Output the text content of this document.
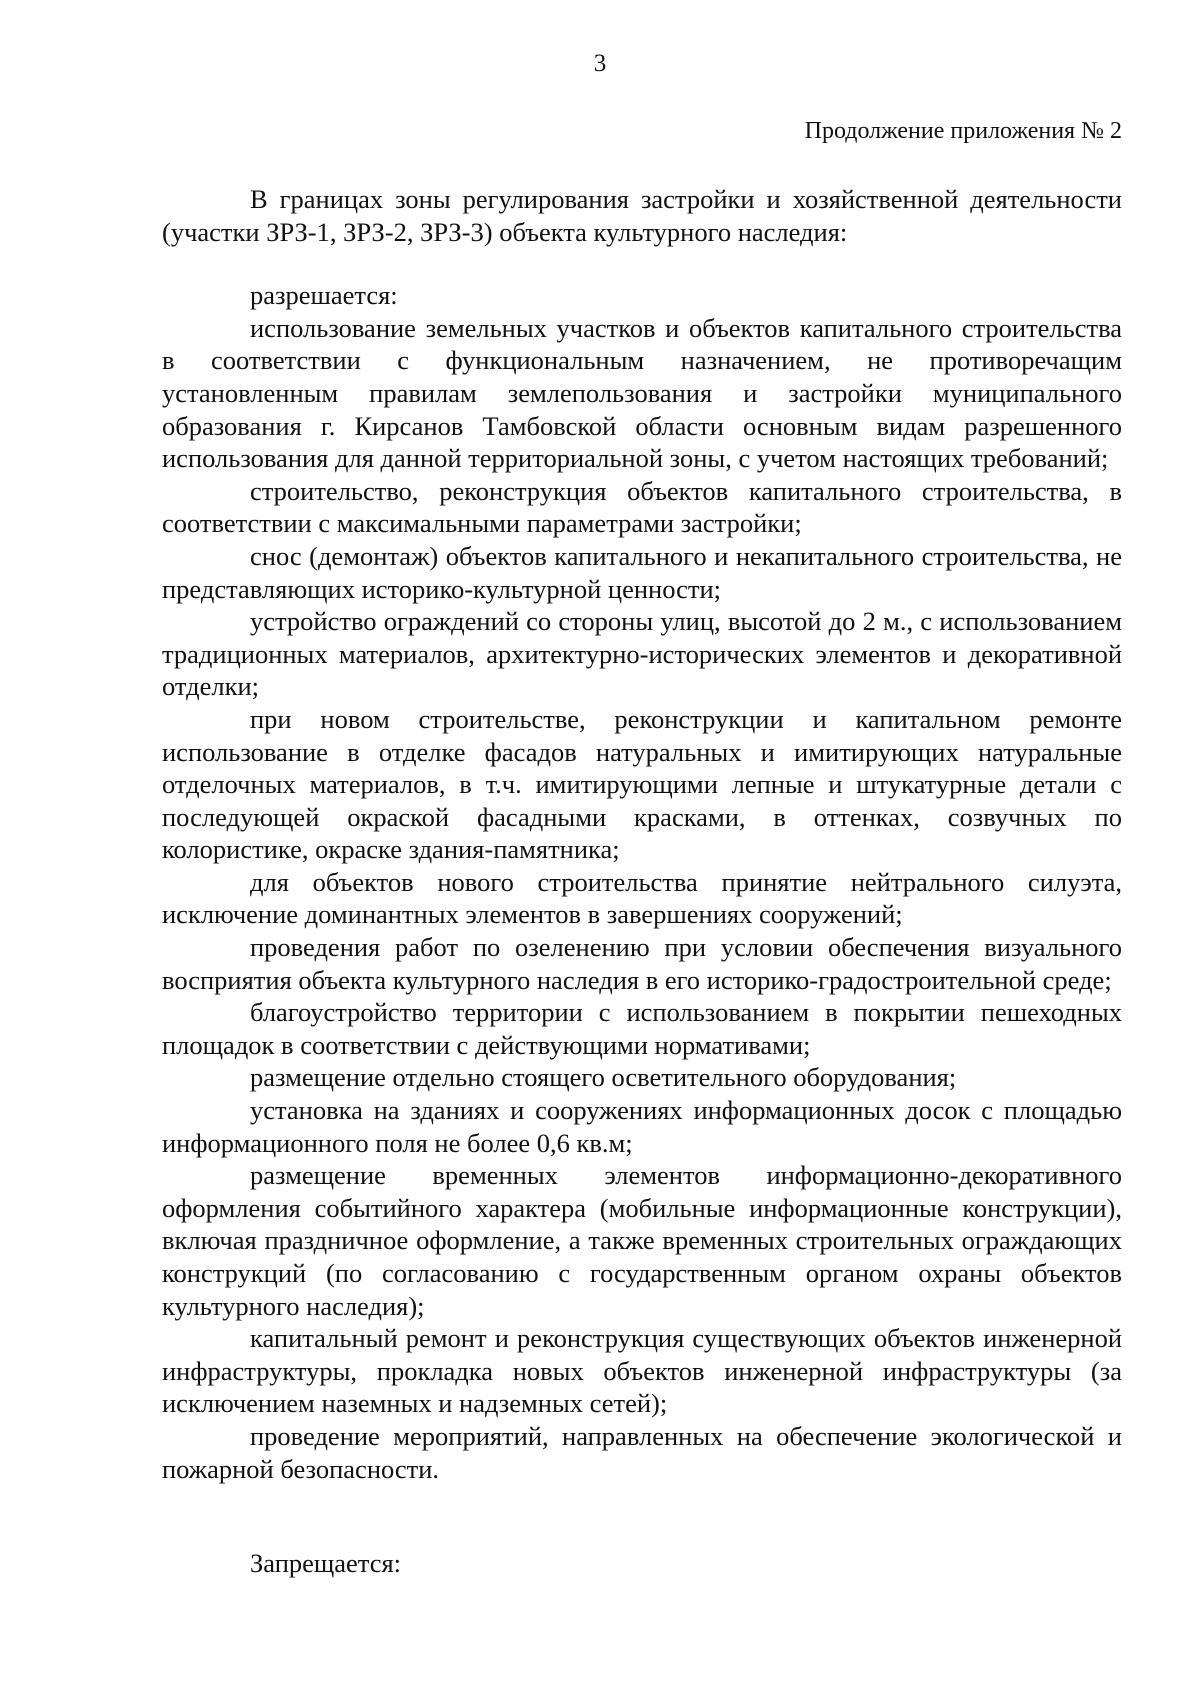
3
Продолжение приложения № 2

В границах зоны регулирования застройки и хозяйственной деятельности (участки ЗРЗ-1, ЗРЗ-2, ЗРЗ-3) объекта культурного наследия:

разрешается:

использование земельных участков и объектов капитального строительства в соответствии с функциональным назначением, не противоречащим установленным правилам землепользования и застройки муниципального образования г. Кирсанов Тамбовской области основным видам разрешенного использования для данной территориальной зоны, с учетом настоящих требований;

строительство, реконструкция объектов капитального строительства, в соответствии с максимальными параметрами застройки;

снос (демонтаж) объектов капитального и некапитального строительства, не представляющих историко-культурной ценности;

устройство ограждений со стороны улиц, высотой до 2 м., с использованием традиционных материалов, архитектурно-исторических элементов и декоративной отделки;

при новом строительстве, реконструкции и капитальном ремонте использование в отделке фасадов натуральных и имитирующих натуральные отделочных материалов, в т.ч. имитирующими лепные и штукатурные детали с последующей окраской фасадными красками, в оттенках, созвучных по колористике, окраске здания-памятника;

для объектов нового строительства принятие нейтрального силуэта, исключение доминантных элементов в завершениях сооружений;

проведения работ по озеленению при условии обеспечения визуального восприятия объекта культурного наследия в его историко-градостроительной среде;

благоустройство территории с использованием в покрытии пешеходных площадок в соответствии с действующими нормативами;

размещение отдельно стоящего осветительного оборудования;

установка на зданиях и сооружениях информационных досок с площадью информационного поля не более 0,6 кв.м;

размещение временных элементов информационно-декоративного оформления событийного характера (мобильные информационные конструкции), включая праздничное оформление, а также временных строительных ограждающих конструкций (по согласованию с государственным органом охраны объектов культурного наследия);

капитальный ремонт и реконструкция существующих объектов инженерной инфраструктуры, прокладка новых объектов инженерной инфраструктуры (за исключением наземных и надземных сетей);

проведение мероприятий, направленных на обеспечение экологической и пожарной безопасности.

Запрещается:
